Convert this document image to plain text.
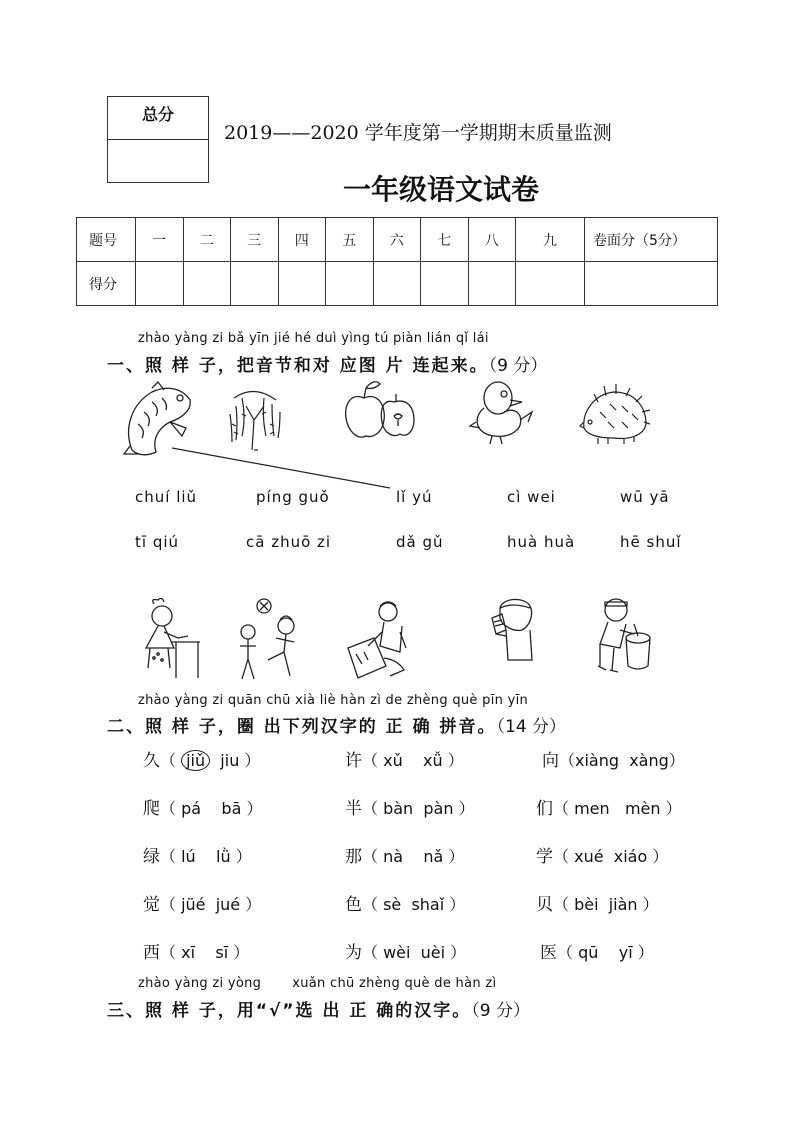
总分
2019——2020 学年度第一学期期末质量监测
一年级语文试卷
题号	一	二	三	四	五	六	七	八	九	卷面分（5分）
得分										
zhào yàng zi bǎ yīn jié hé duì yìng tú piàn lián qǐ lái
一、照 样 子，把音节和对 应图 片 连起来。（9 分）
chuí liǔ	píng guǒ	lǐ yú	cì wei	wū yā
tī qiú	cā zhuō zi	dǎ gǔ	huà huà	hē shuǐ
zhào yàng zi quān chū xià liè hàn zì de zhèng què pīn yīn
二、照 样 子，圈 出下列汉字的 正 确 拼音。（14 分）
久（ jiǔ jiu ）	许（ xǔ xǚ ）	向（xiàng xàng）
爬（ pá bā ）	半（ bàn pàn ）	们（ men mèn ）
绿（ lú lǜ ）	那（ nà nǎ ）	学（ xué xiáo ）
觉（ jüé jué ）	色（ sè shaǐ ）	贝（ bèi jiàn ）
西（ xī sī ）	为（ wèi uèi ）	医（ qū yī ）
zhào yàng zi yòng       xuǎn chū zhèng què de hàn zì
三、照 样 子，用“√”选 出 正 确的汉字。（9 分）
